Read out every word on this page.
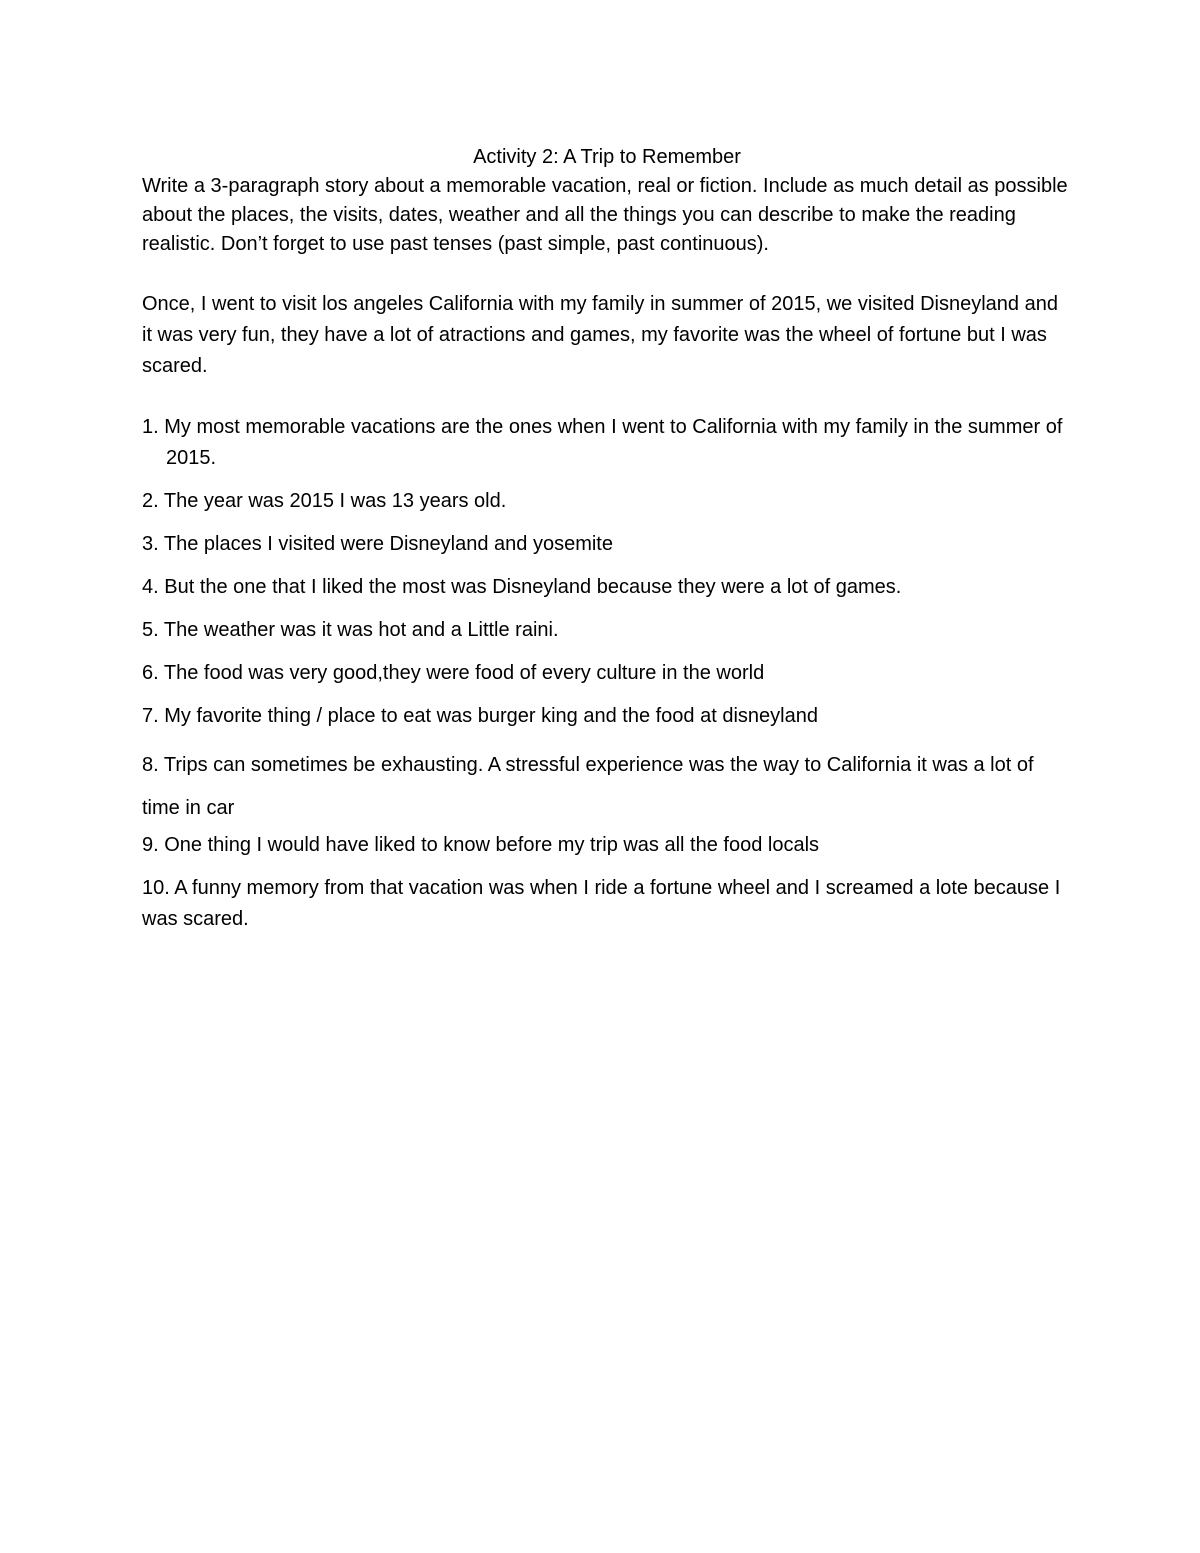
Activity 2: A Trip to Remember

Write a 3-paragraph story about a memorable vacation, real or fiction. Include as much detail as possible about the places, the visits, dates, weather and all the things you can describe to make the reading realistic. Don’t forget to use past tenses (past simple, past continuous).

Once, I went to visit los angeles California with my family in summer of 2015, we visited Disneyland and it was very fun, they have a lot of atractions and games, my favorite was the wheel of fortune but I was scared.

1. My most memorable vacations are the ones when I went to California with my family in the summer of 2015.
2. The year was 2015 I was 13 years old.
3. The places I visited were Disneyland and yosemite
4. But the one that I liked the most was Disneyland because they were a lot of games.
5. The weather was it was hot and a Little raini.
6. The food was very good,they were food of every culture in the world
7. My favorite thing / place to eat was burger king and the food at disneyland
8. Trips can sometimes be exhausting. A stressful experience was the way to California it was a lot of time in car
9. One thing I would have liked to know before my trip was all the food locals
10. A funny memory from that vacation was when I ride a fortune wheel and I screamed a lote because I was scared.
